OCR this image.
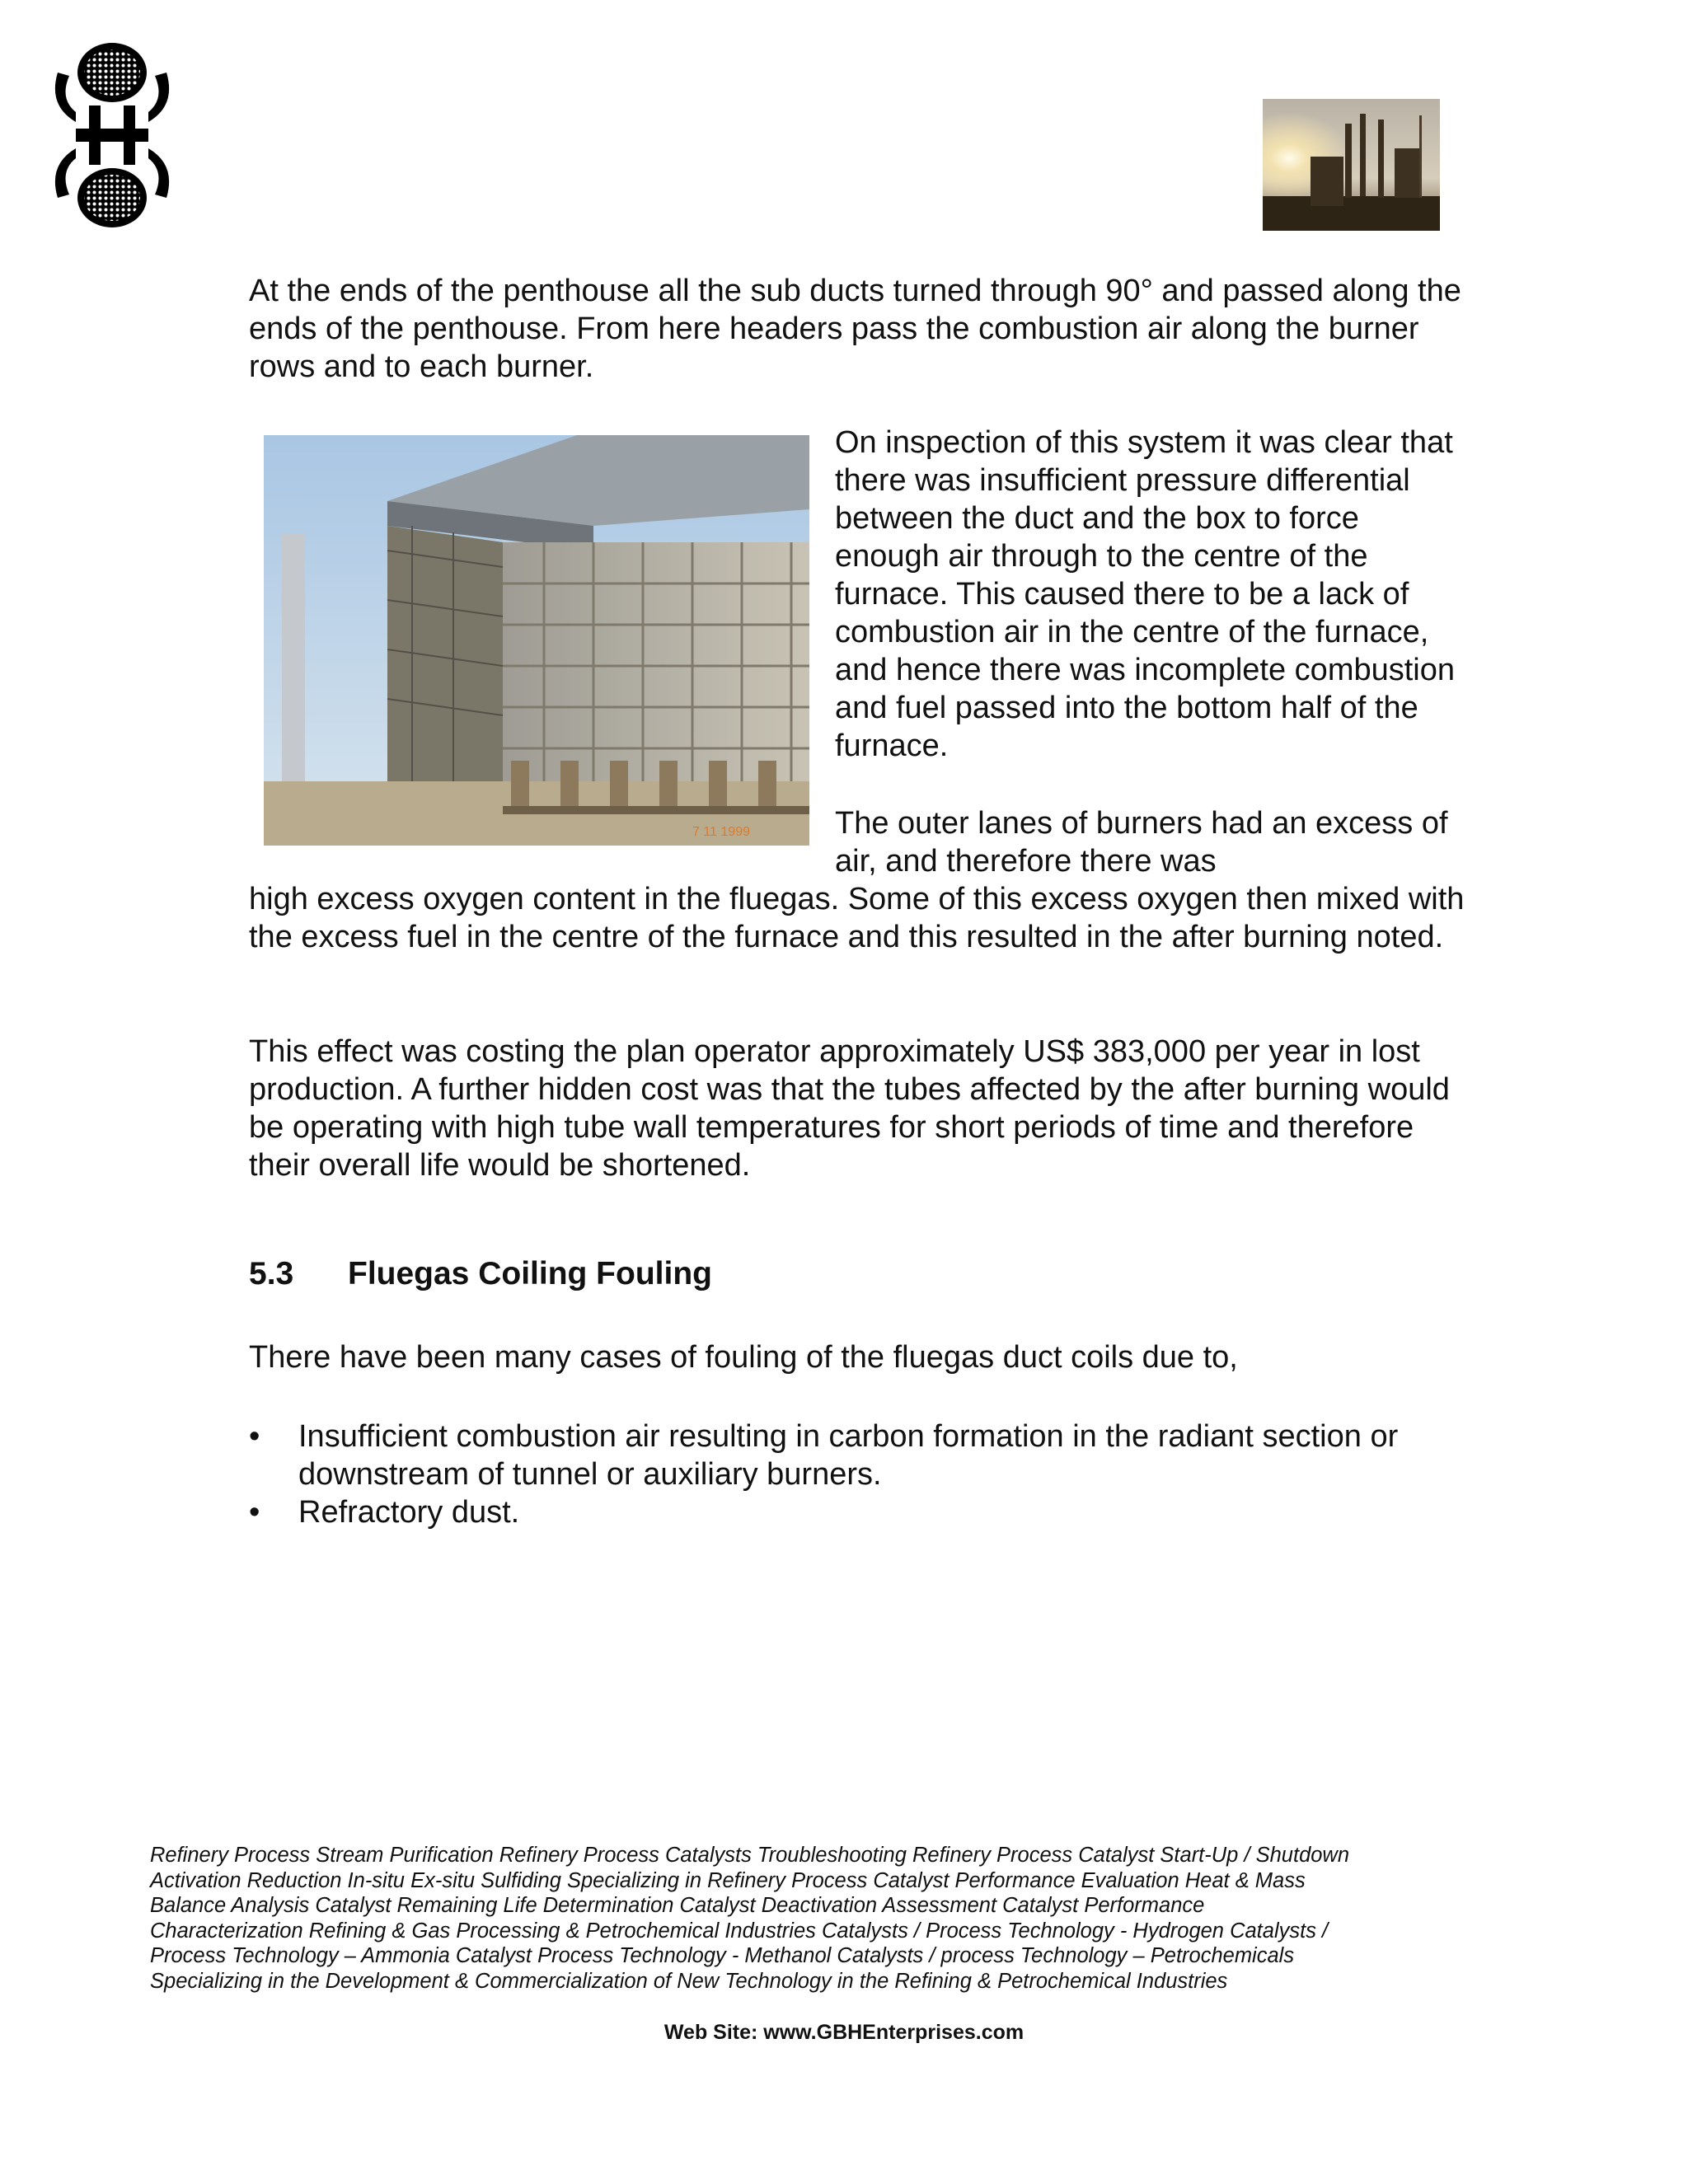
At the ends of the penthouse all the sub ducts turned through 90° and passed along the ends of the penthouse. From here headers pass the combustion air along the burner rows and to each burner.

7 11 1999

On inspection of this system it was clear that there was insufficient pressure differential between the duct and the box to force enough air through to the centre of the furnace. This caused there to be a lack of combustion air in the centre of the furnace, and hence there was incomplete combustion and fuel passed into the bottom half of the furnace.

The outer lanes of burners had an excess of air, and therefore there was

high excess oxygen content in the fluegas. Some of this excess oxygen then mixed with the excess fuel in the centre of the furnace and this resulted in the after burning noted.

This effect was costing the plan operator approximately US$ 383,000 per year in lost production. A further hidden cost was that the tubes affected by the after burning would be operating with high tube wall temperatures for short periods of time and therefore their overall life would be shortened.

5.3 Fluegas Coiling Fouling

There have been many cases of fouling of the fluegas duct coils due to,

• Insufficient combustion air resulting in carbon formation in the radiant section or downstream of tunnel or auxiliary burners.
• Refractory dust.

Refinery Process Stream Purification Refinery Process Catalysts Troubleshooting Refinery Process Catalyst Start-Up / Shutdown
Activation Reduction In-situ Ex-situ Sulfiding Specializing in Refinery Process Catalyst Performance Evaluation Heat & Mass
Balance Analysis Catalyst Remaining Life Determination Catalyst Deactivation Assessment Catalyst Performance
Characterization Refining & Gas Processing & Petrochemical Industries Catalysts / Process Technology - Hydrogen Catalysts /
Process Technology – Ammonia Catalyst Process Technology - Methanol Catalysts / process Technology – Petrochemicals
Specializing in the Development & Commercialization of New Technology in the Refining & Petrochemical Industries

Web Site: www.GBHEnterprises.com
